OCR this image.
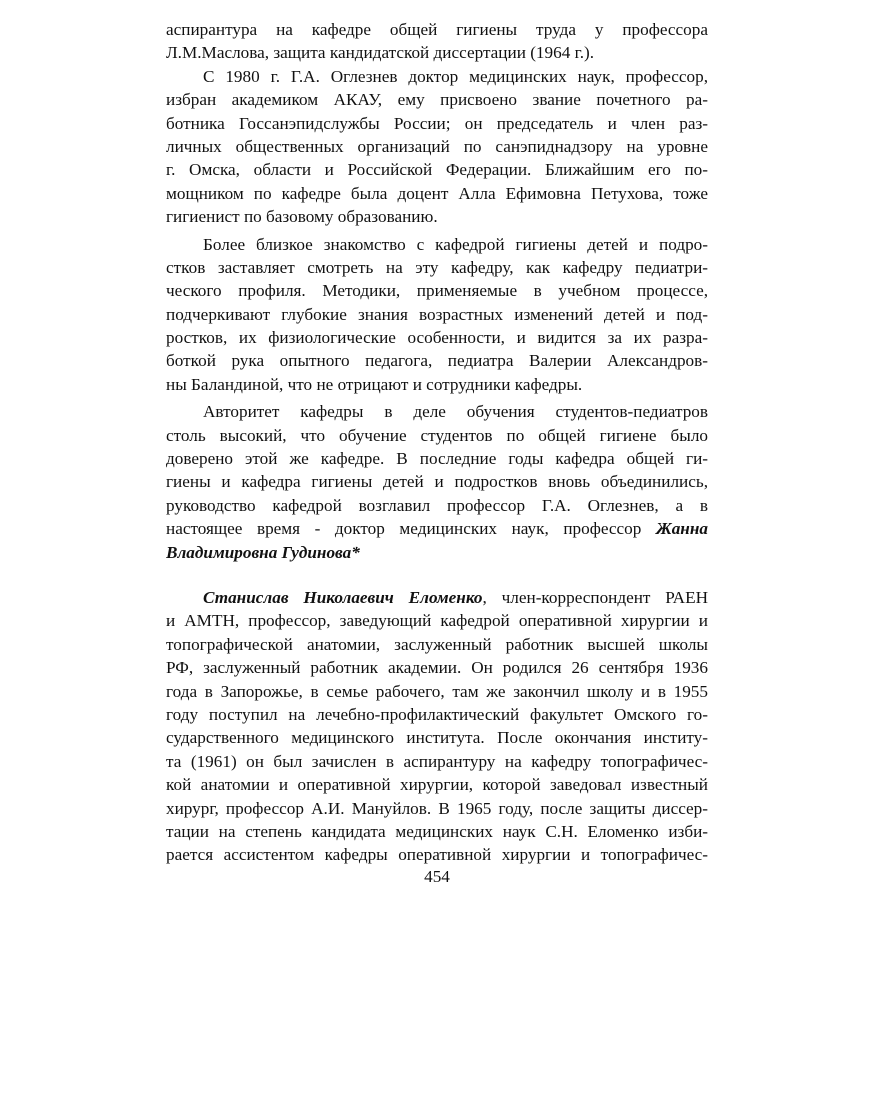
аспирантура на кафедре общей гигиены труда у профессора
Л.М.Маслова, защита кандидатской диссертации (1964 г.).
С 1980 г. Г.А. Оглезнев доктор медицинских наук, профессор,
избран академиком АКАУ, ему присвоено звание почетного ра-
ботника Госсанэпидслужбы России; он председатель и член раз-
личных общественных организаций по санэпиднадзору на уровне
г. Омска, области и Российской Федерации. Ближайшим его по-
мощником по кафедре была доцент Алла Ефимовна Петухова, тоже
гигиенист по базовому образованию.
Более близкое знакомство с кафедрой гигиены детей и подро-
стков заставляет смотреть на эту кафедру, как кафедру педиатри-
ческого профиля. Методики, применяемые в учебном процессе,
подчеркивают глубокие знания возрастных изменений детей и под-
ростков, их физиологические особенности, и видится за их разра-
боткой рука опытного педагога, педиатра Валерии Александров-
ны Баландиной, что не отрицают и сотрудники кафедры.
Авторитет кафедры в деле обучения студентов-педиатров
столь высокий, что обучение студентов по общей гигиене было
доверено этой же кафедре. В последние годы кафедра общей ги-
гиены и кафедра гигиены детей и подростков вновь объединились,
руководство кафедрой возглавил профессор Г.А. Оглезнев, а в
настоящее время - доктор медицинских наук, профессор Жанна
Владимировна Гудинова*
Станислав Николаевич Еломенко, член-корреспондент РАЕН
и АМТН, профессор, заведующий кафедрой оперативной хирургии и
топографической анатомии, заслуженный работник высшей школы
РФ, заслуженный работник академии. Он родился 26 сентября 1936
года в Запорожье, в семье рабочего, там же закончил школу и в 1955
году поступил на лечебно-профилактический факультет Омского го-
сударственного медицинского института. После окончания институ-
та (1961) он был зачислен в аспирантуру на кафедру топографичес-
кой анатомии и оперативной хирургии, которой заведовал известный
хирург, профессор А.И. Мануйлов. В 1965 году, после защиты диссер-
тации на степень кандидата медицинских наук С.Н. Еломенко изби-
рается ассистентом кафедры оперативной хирургии и топографичес-
454
